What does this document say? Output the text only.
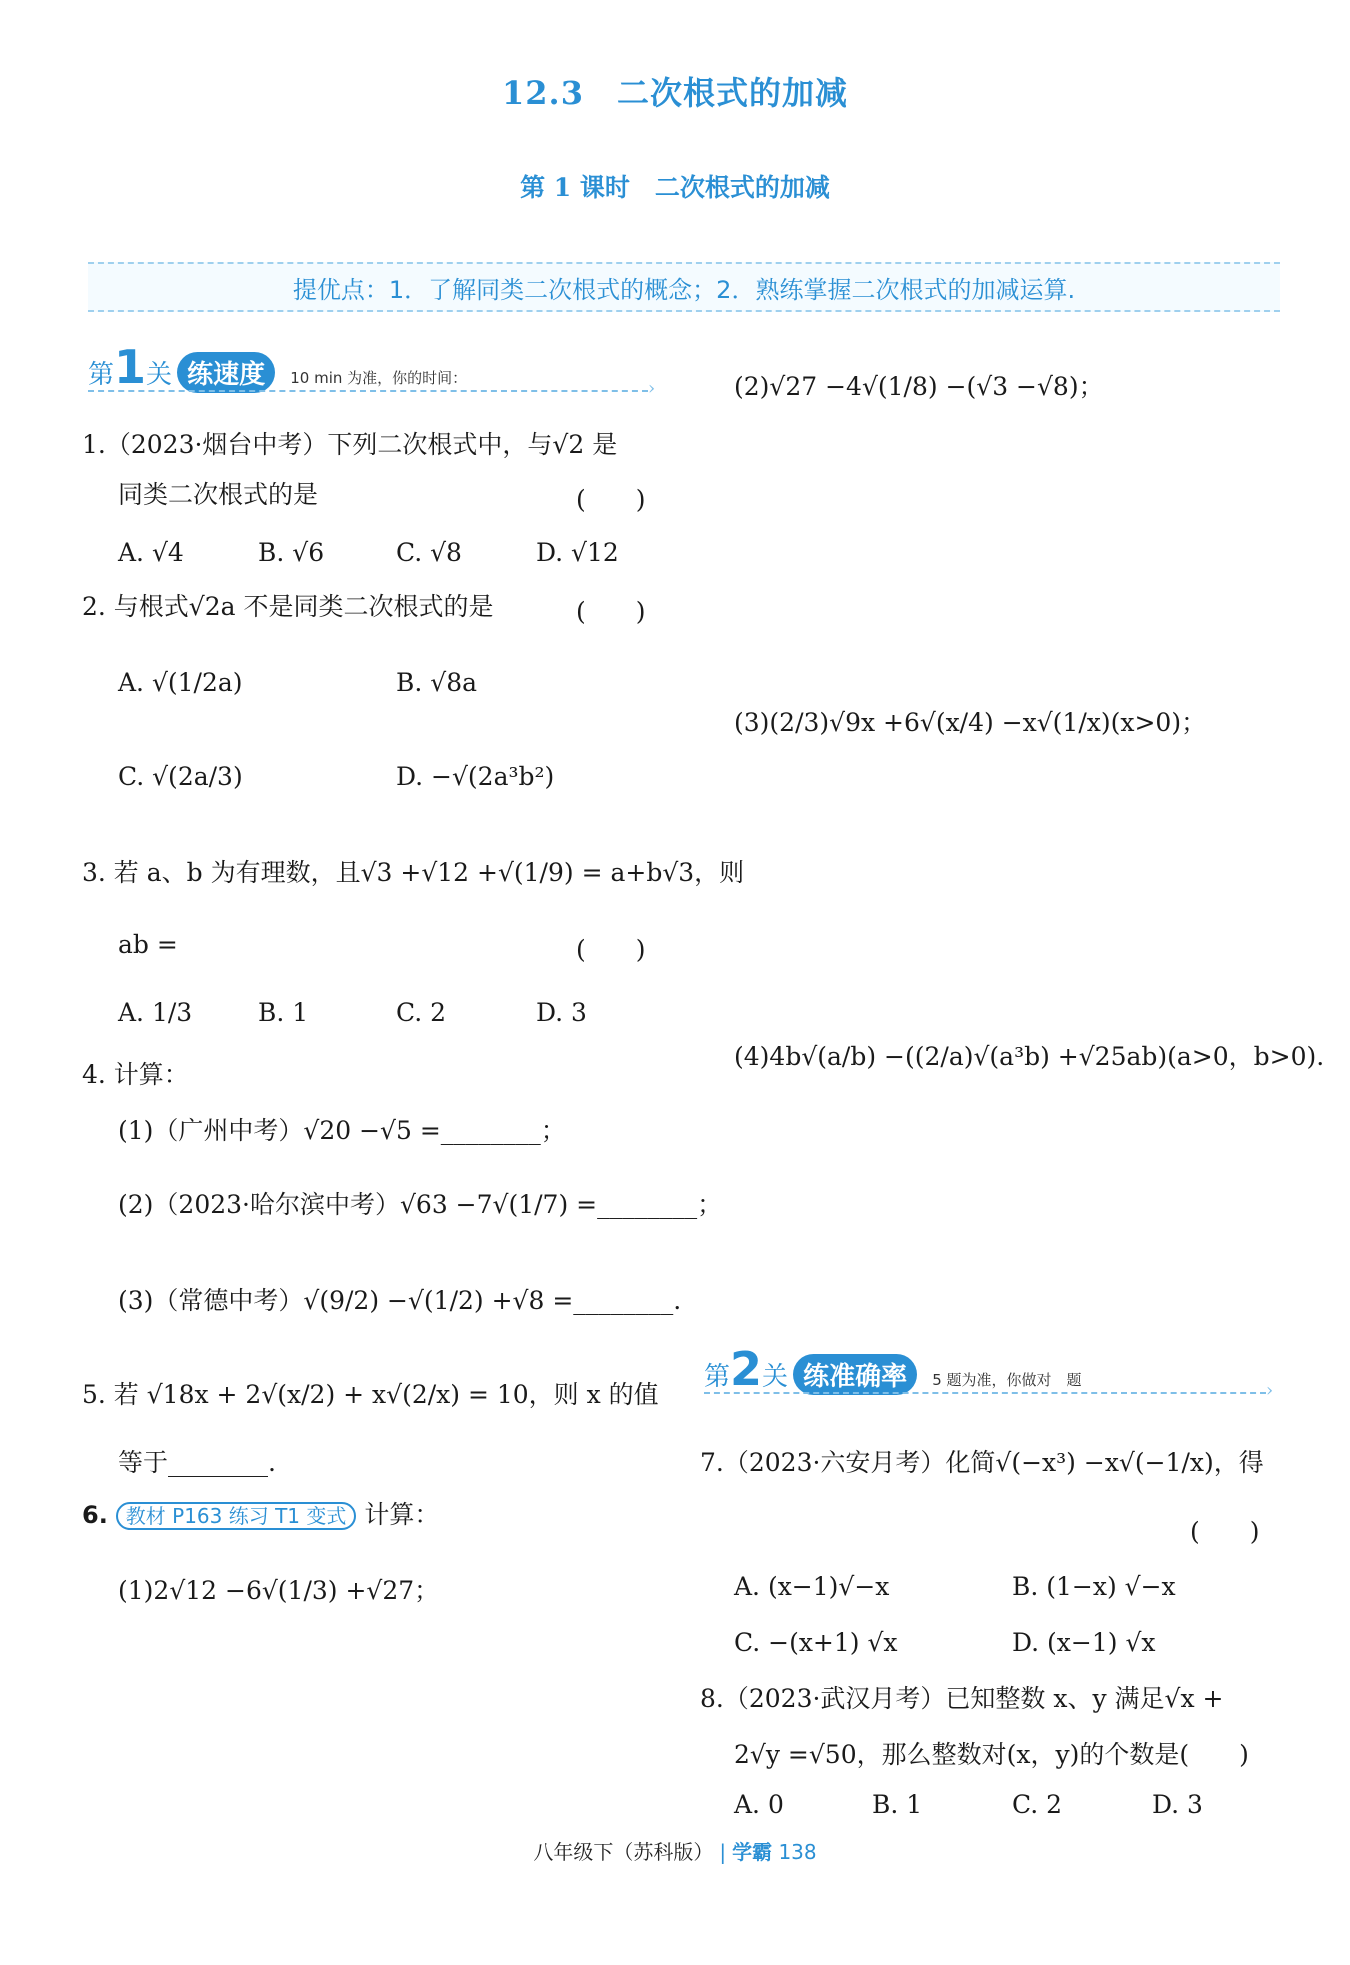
12.3　二次根式的加减
第 1 课时　二次根式的加减
提优点：1．了解同类二次根式的概念；2．熟练掌握二次根式的加减运算.
第1关 练速度 10 min 为准，你的时间：	›
1.（2023·烟台中考）下列二次根式中，与√2 是
同类二次根式的是	(　　)
A. √4	B. √6	C. √8	D. √12
2. 与根式√2a 不是同类二次根式的是	(　　)
A. √(1/2a)	B. √8a
C. √(2a/3)	D. −√(2a³b²)
3. 若 a、b 为有理数，且√3 +√12 +√(1/9) = a+b√3，则
ab =	(　　)
A. 1/3	B. 1	C. 2	D. 3
4. 计算：
(1)（广州中考）√20 −√5 =________；
(2)（2023·哈尔滨中考）√63 −7√(1/7) =________；
(3)（常德中考）√(9/2) −√(1/2) +√8 =________.
5. 若 √18x + 2√(x/2) + x√(2/x) = 10，则 x 的值
等于________.
6. 教材 P163 练习 T1 变式 计算：
(1)2√12 −6√(1/3) +√27；
(2)√27 −4√(1/8) −(√3 −√8)；
(3)(2/3)√9x +6√(x/4) −x√(1/x)(x>0)；
(4)4b√(a/b) −((2/a)√(a³b) +√25ab)(a>0，b>0).
第2关 练准确率 5 题为准，你做对　题	›
7.（2023·六安月考）化简√(−x³) −x√(−1/x)，得
(　　)
A. (x−1)√−x	B. (1−x) √−x
C. −(x+1) √x	D. (x−1) √x
8.（2023·武汉月考）已知整数 x、y 满足√x +
2√y =√50，那么整数对(x，y)的个数是(　　)
A. 0	B. 1	C. 2	D. 3
八年级下（苏科版） | 学霸 138
